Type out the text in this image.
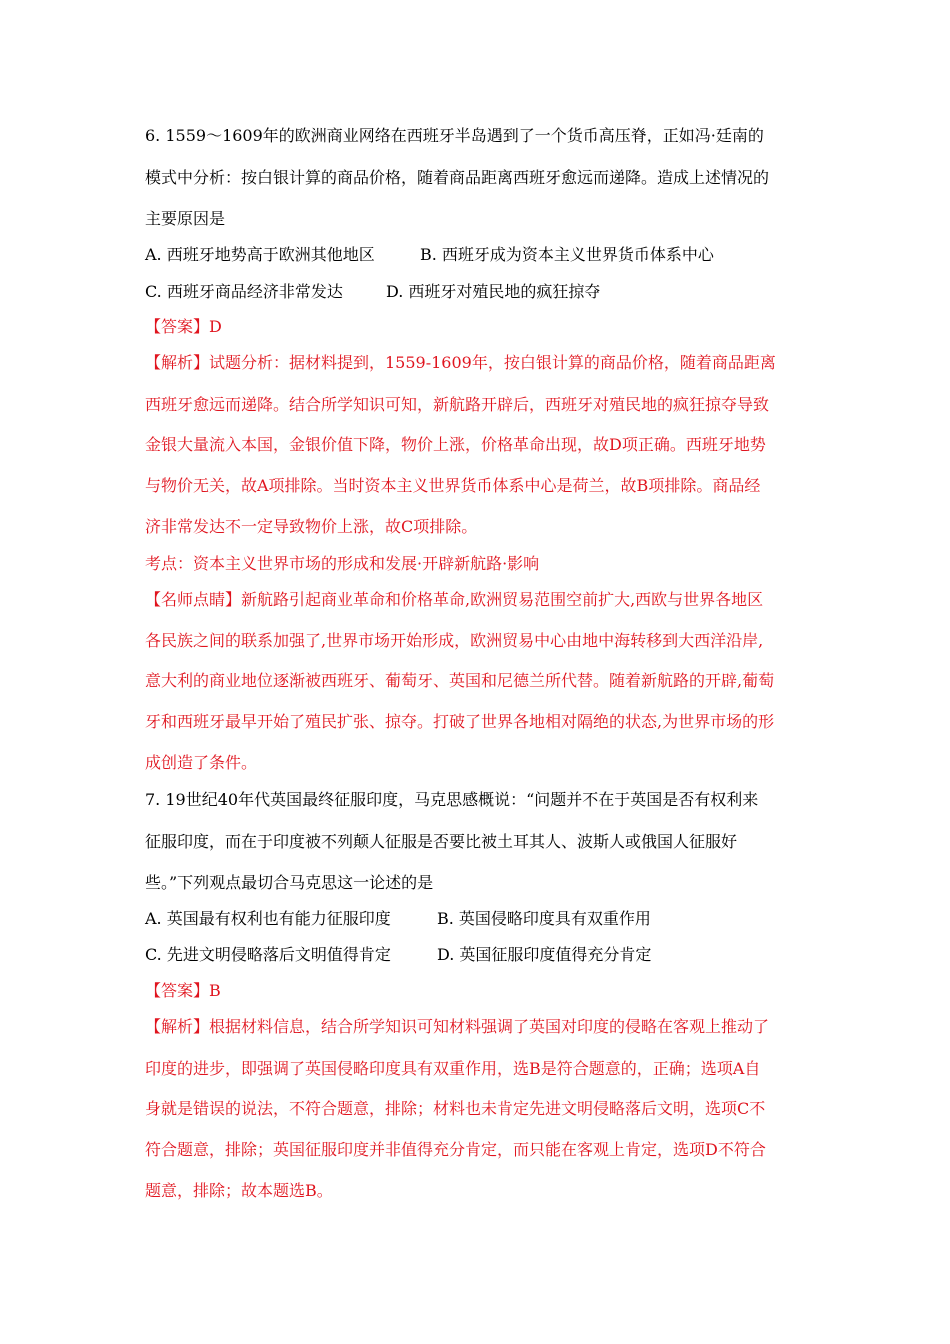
6. 1559～1609年的欧洲商业网络在西班牙半岛遇到了一个货币高压脊，正如冯·廷南的
模式中分析：按白银计算的商品价格，随着商品距离西班牙愈远而递降。造成上述情况的
主要原因是
A. 西班牙地势高于欧洲其他地区	B. 西班牙成为资本主义世界货币体系中心
C. 西班牙商品经济非常发达	D. 西班牙对殖民地的疯狂掠夺
【答案】D
【解析】试题分析：据材料提到，1559-1609年，按白银计算的商品价格，随着商品距离
西班牙愈远而递降。结合所学知识可知，新航路开辟后，西班牙对殖民地的疯狂掠夺导致
金银大量流入本国，金银价值下降，物价上涨，价格革命出现，故D项正确。西班牙地势
与物价无关，故A项排除。当时资本主义世界货币体系中心是荷兰，故B项排除。商品经
济非常发达不一定导致物价上涨，故C项排除。
考点：资本主义世界市场的形成和发展·开辟新航路·影响
【名师点睛】新航路引起商业革命和价格革命,欧洲贸易范围空前扩大,西欧与世界各地区
各民族之间的联系加强了,世界市场开始形成，欧洲贸易中心由地中海转移到大西洋沿岸,
意大利的商业地位逐渐被西班牙、葡萄牙、英国和尼德兰所代替。随着新航路的开辟,葡萄
牙和西班牙最早开始了殖民扩张、掠夺。打破了世界各地相对隔绝的状态,为世界市场的形
成创造了条件。
7. 19世纪40年代英国最终征服印度，马克思感概说：“问题并不在于英国是否有权利来
征服印度，而在于印度被不列颠人征服是否要比被土耳其人、波斯人或俄国人征服好
些。”下列观点最切合马克思这一论述的是
A. 英国最有权利也有能力征服印度	B. 英国侵略印度具有双重作用
C. 先进文明侵略落后文明值得肯定	D. 英国征服印度值得充分肯定
【答案】B
【解析】根据材料信息，结合所学知识可知材料强调了英国对印度的侵略在客观上推动了
印度的进步，即强调了英国侵略印度具有双重作用，选B是符合题意的，正确；选项A自
身就是错误的说法，不符合题意，排除；材料也未肯定先进文明侵略落后文明，选项C不
符合题意，排除；英国征服印度并非值得充分肯定，而只能在客观上肯定，选项D不符合
题意，排除；故本题选B。
